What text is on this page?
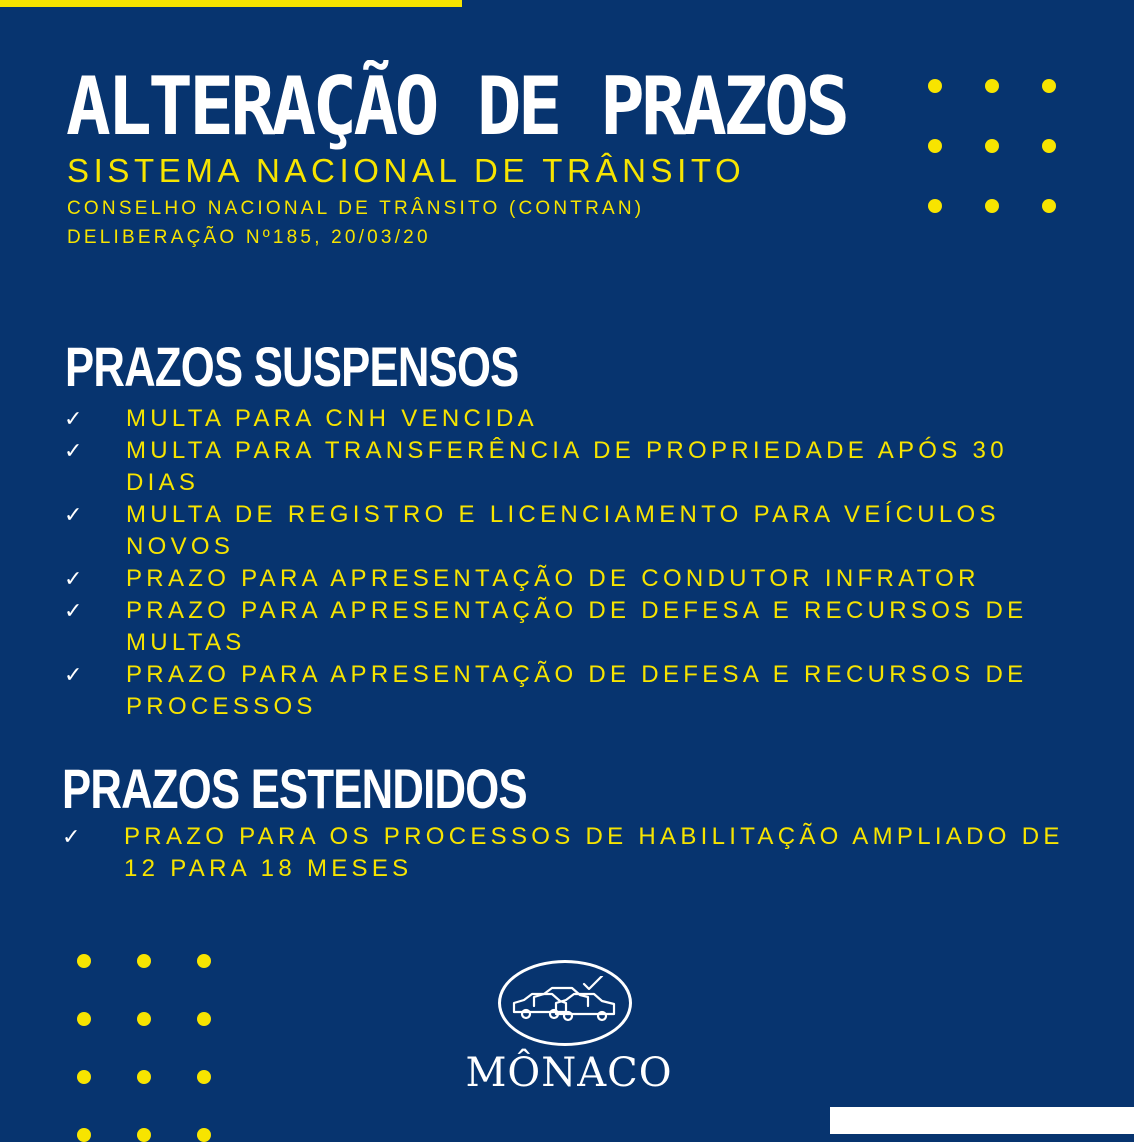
ALTERAÇÃO DE PRAZOS
SISTEMA NACIONAL DE TRÂNSITO
CONSELHO NACIONAL DE TRÂNSITO (CONTRAN)
DELIBERAÇÃO Nº185, 20/03/20
PRAZOS SUSPENSOS
✓ MULTA PARA CNH VENCIDA
✓ MULTA PARA TRANSFERÊNCIA DE PROPRIEDADE APÓS 30 DIAS
✓ MULTA DE REGISTRO E LICENCIAMENTO PARA VEÍCULOS NOVOS
✓ PRAZO PARA APRESENTAÇÃO DE CONDUTOR INFRATOR
✓ PRAZO PARA APRESENTAÇÃO DE DEFESA E RECURSOS DE MULTAS
✓ PRAZO PARA APRESENTAÇÃO DE DEFESA E RECURSOS DE PROCESSOS
PRAZOS ESTENDIDOS
✓ PRAZO PARA OS PROCESSOS DE HABILITAÇÃO AMPLIADO DE 12 PARA 18 MESES
MÔNACO
